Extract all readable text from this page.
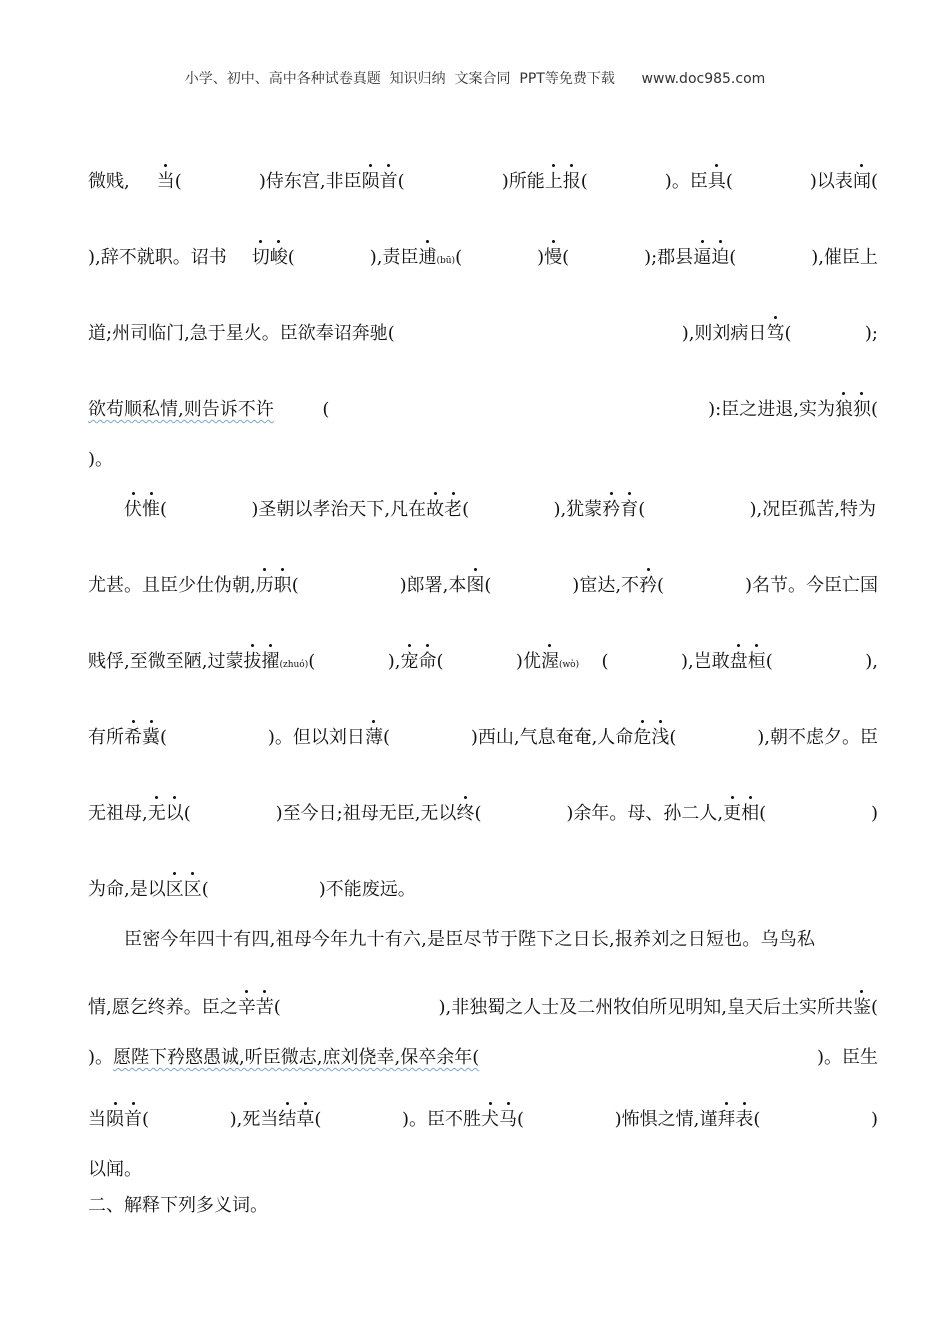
小学、初中、高中各种试卷真题  知识归纳  文案合同  PPT等免费下载      www.doc985.com
微贱, 当(	)侍东宫,非臣陨首(	)所能上报(	)。臣具(	)以表闻(
),辞不就职。诏书 切峻(	),责臣逋(bū)(	)慢(	);郡县逼迫(	),催臣上
道;州司临门,急于星火。臣欲奉诏奔驰(	),则刘病日笃(	);
欲苟顺私情,则告诉不许	(	):臣之进退,实为狼狈(
)。
伏惟(	)圣朝以孝治天下,凡在故老(	),犹蒙矜育(	),况臣孤苦,特为
尤甚。且臣少仕伪朝,历职(	)郎署,本图(	)宦达,不矜(	)名节。今臣亡国
贱俘,至微至陋,过蒙拔擢(zhuó)(	),宠命(	)优渥(wò) (	),岂敢盘桓(	),
有所希冀(	)。但以刘日薄(	)西山,气息奄奄,人命危浅(	),朝不虑夕。臣
无祖母,无以(	)至今日;祖母无臣,无以终(	)余年。母、孙二人,更相(	)
为命,是以区区(	)不能废远。
臣密今年四十有四,祖母今年九十有六,是臣尽节于陛下之日长,报养刘之日短也。乌鸟私
情,愿乞终养。臣之辛苦(	),非独蜀之人士及二州牧伯所见明知,皇天后土实所共鉴(
)。愿陛下矜愍愚诚,听臣微志,庶刘侥幸,保卒余年(	)。臣生
当陨首(	),死当结草(	)。臣不胜犬马(	)怖惧之情,谨拜表(	)
以闻。
二、解释下列多义词。
